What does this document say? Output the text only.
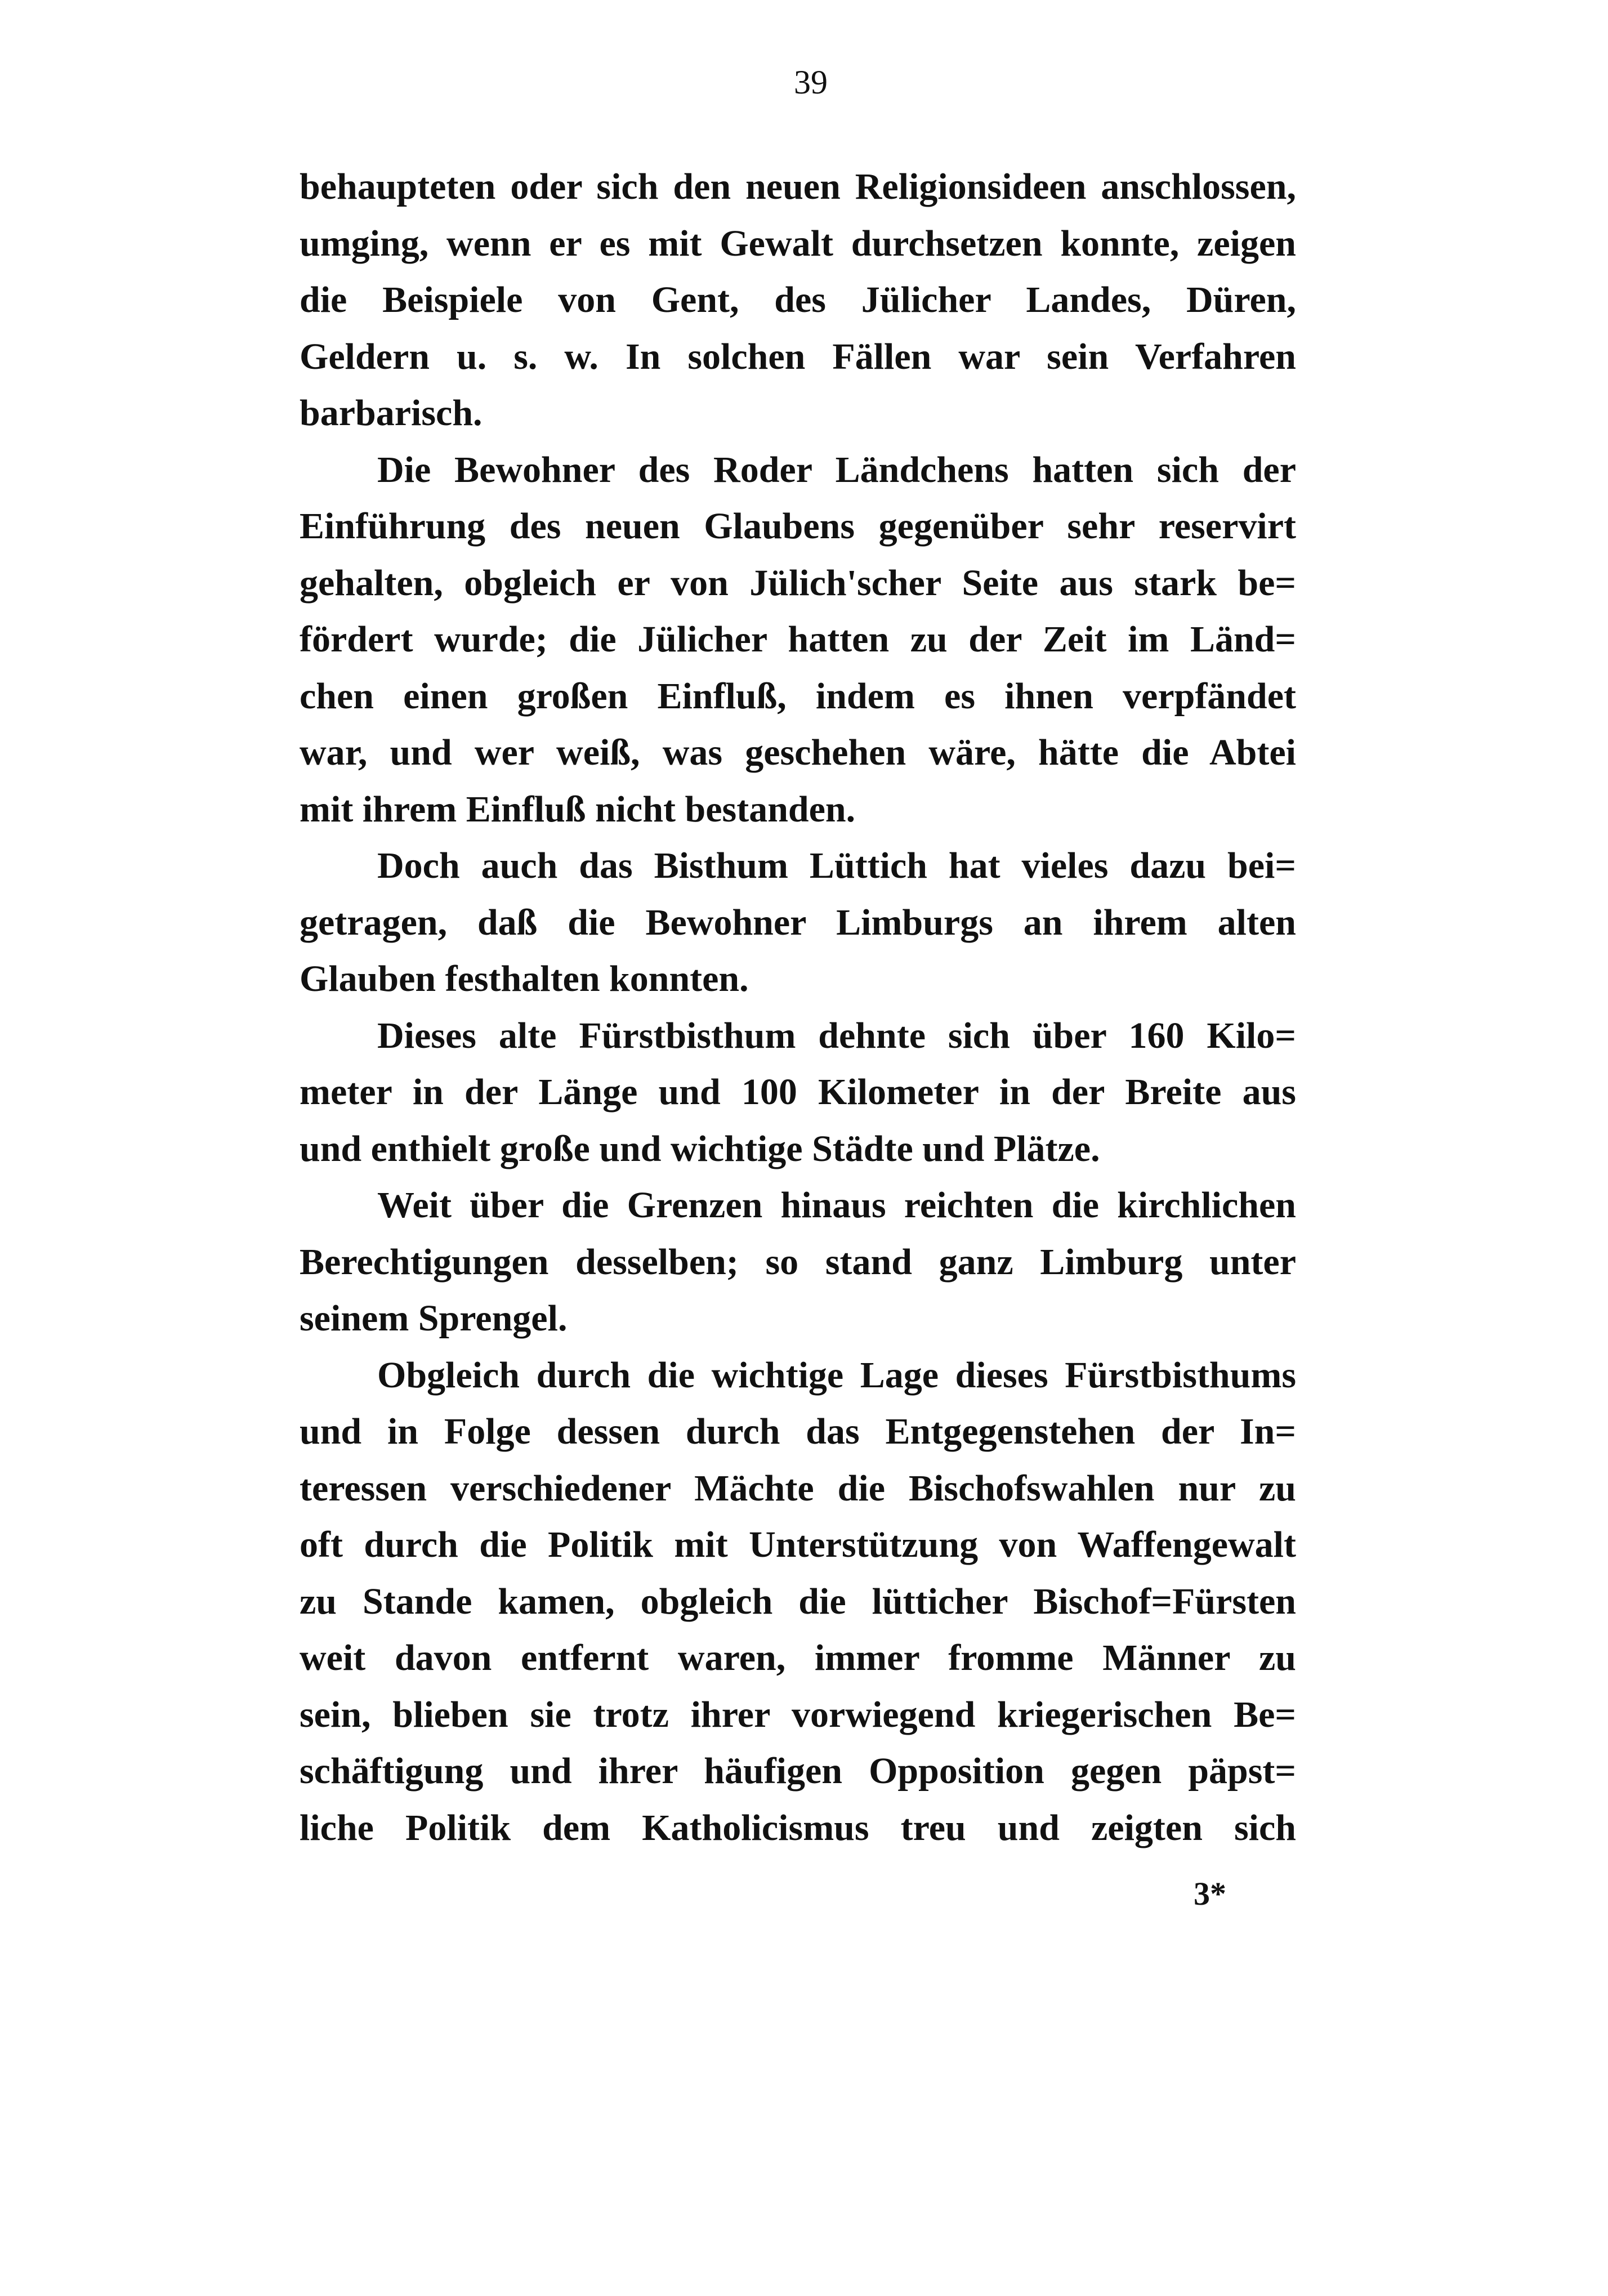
39
behaupteten oder sich den neuen Religionsideen anschlossen,
umging, wenn er es mit Gewalt durchsetzen konnte, zeigen
die Beispiele von Gent, des Jülicher Landes, Düren,
Geldern u. s. w. In solchen Fällen war sein Verfahren
barbarisch.
Die Bewohner des Roder Ländchens hatten sich der
Einführung des neuen Glaubens gegenüber sehr reservirt
gehalten, obgleich er von Jülich'scher Seite aus stark be=
fördert wurde; die Jülicher hatten zu der Zeit im Länd=
chen einen großen Einfluß, indem es ihnen verpfändet
war, und wer weiß, was geschehen wäre, hätte die Abtei
mit ihrem Einfluß nicht bestanden.
Doch auch das Bisthum Lüttich hat vieles dazu bei=
getragen, daß die Bewohner Limburgs an ihrem alten
Glauben festhalten konnten.
Dieses alte Fürstbisthum dehnte sich über 160 Kilo=
meter in der Länge und 100 Kilometer in der Breite aus
und enthielt große und wichtige Städte und Plätze.
Weit über die Grenzen hinaus reichten die kirchlichen
Berechtigungen desselben; so stand ganz Limburg unter
seinem Sprengel.
Obgleich durch die wichtige Lage dieses Fürstbisthums
und in Folge dessen durch das Entgegenstehen der In=
teressen verschiedener Mächte die Bischofswahlen nur zu
oft durch die Politik mit Unterstützung von Waffengewalt
zu Stande kamen, obgleich die lütticher Bischof=Fürsten
weit davon entfernt waren, immer fromme Männer zu
sein, blieben sie trotz ihrer vorwiegend kriegerischen Be=
schäftigung und ihrer häufigen Opposition gegen päpst=
liche Politik dem Katholicismus treu und zeigten sich
3*
